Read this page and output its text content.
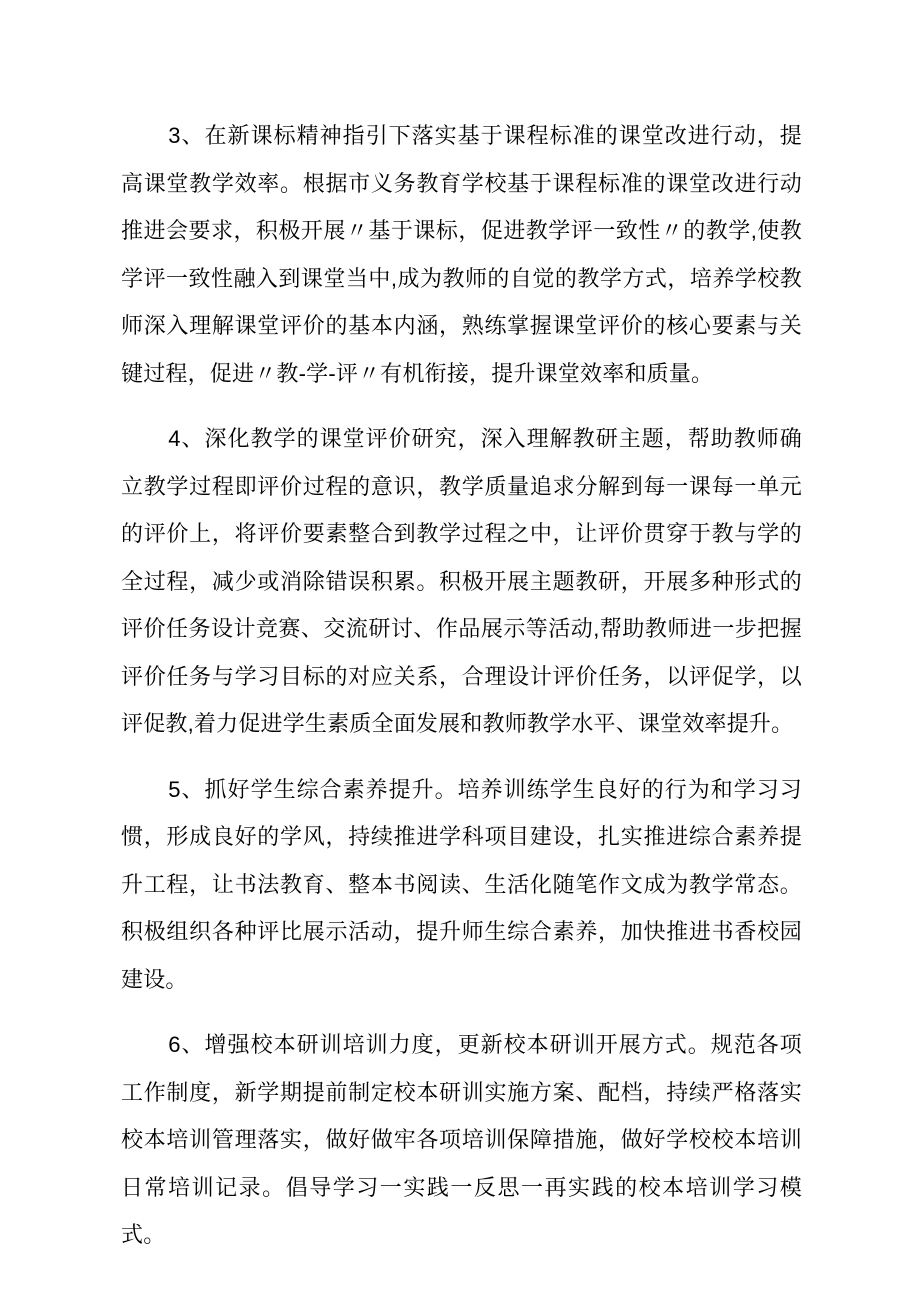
3、在新课标精神指引下落实基于课程标准的课堂改进行动，提高课堂教学效率。根据市义务教育学校基于课程标准的课堂改进行动推进会要求，积极开展〃基于课标，促进教学评一致性〃的教学,使教学评一致性融入到课堂当中,成为教师的自觉的教学方式，培养学校教师深入理解课堂评价的基本内涵，熟练掌握课堂评价的核心要素与关键过程，促进〃教-学-评〃有机衔接，提升课堂效率和质量。

4、深化教学的课堂评价研究，深入理解教研主题，帮助教师确立教学过程即评价过程的意识，教学质量追求分解到每一课每一单元的评价上，将评价要素整合到教学过程之中，让评价贯穿于教与学的全过程，减少或消除错误积累。积极开展主题教研，开展多种形式的评价任务设计竞赛、交流研讨、作品展示等活动,帮助教师进一步把握评价任务与学习目标的对应关系，合理设计评价任务，以评促学，以评促教,着力促进学生素质全面发展和教师教学水平、课堂效率提升。

5、抓好学生综合素养提升。培养训练学生良好的行为和学习习惯，形成良好的学风，持续推进学科项目建设，扎实推进综合素养提升工程，让书法教育、整本书阅读、生活化随笔作文成为教学常态。积极组织各种评比展示活动，提升师生综合素养，加快推进书香校园建设。

6、增强校本研训培训力度，更新校本研训开展方式。规范各项工作制度，新学期提前制定校本研训实施方案、配档，持续严格落实校本培训管理落实，做好做牢各项培训保障措施，做好学校校本培训日常培训记录。倡导学习一实践一反思一再实践的校本培训学习模式。
